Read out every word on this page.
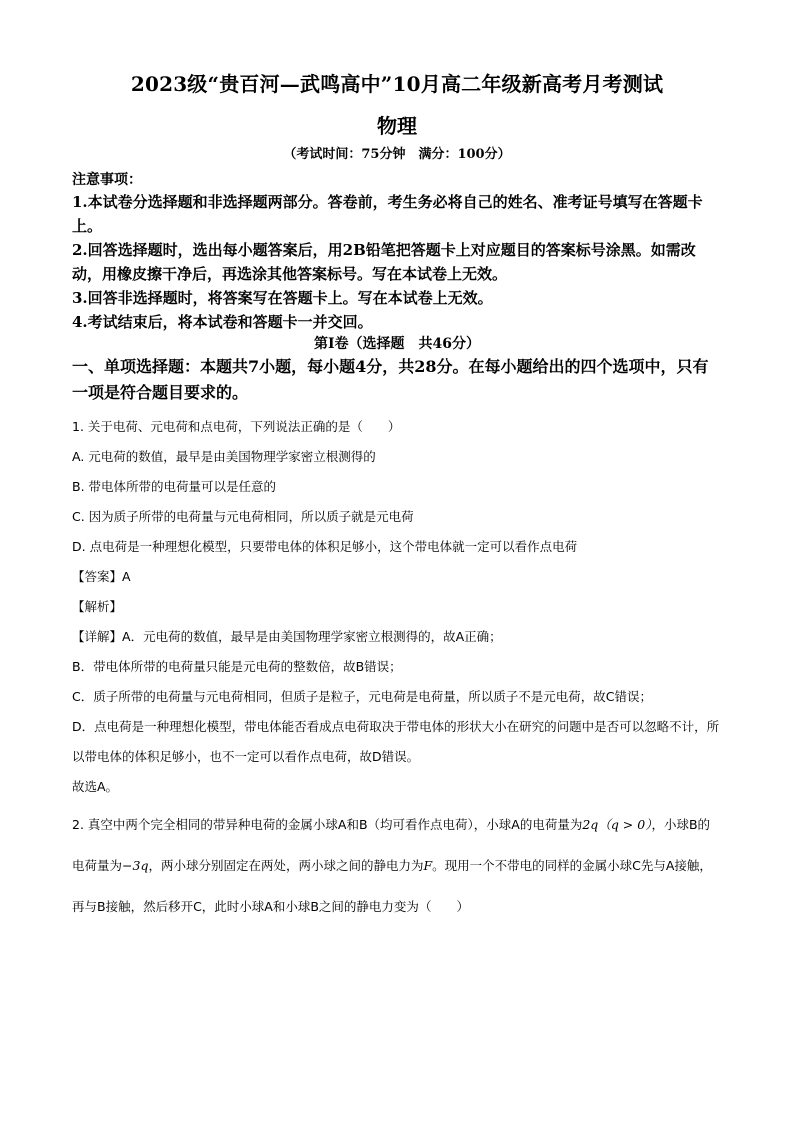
2023级“贵百河—武鸣高中”10月高二年级新高考月考测试
物理
（考试时间：75分钟　满分：100分）
注意事项：
1.本试卷分选择题和非选择题两部分。答卷前，考生务必将自己的姓名、准考证号填写在答题卡上。
2.回答选择题时，选出每小题答案后，用2B铅笔把答题卡上对应题目的答案标号涂黑。如需改动，用橡皮擦干净后，再选涂其他答案标号。写在本试卷上无效。
3.回答非选择题时，将答案写在答题卡上。写在本试卷上无效。
4.考试结束后，将本试卷和答题卡一并交回。
第Ⅰ卷（选择题　共46分）
一、单项选择题：本题共7小题，每小题4分，共28分。在每小题给出的四个选项中，只有一项是符合题目要求的。
1. 关于电荷、元电荷和点电荷，下列说法正确的是（　　）
A. 元电荷的数值，最早是由美国物理学家密立根测得的
B. 带电体所带的电荷量可以是任意的
C. 因为质子所带的电荷量与元电荷相同，所以质子就是元电荷
D. 点电荷是一种理想化模型，只要带电体的体积足够小，这个带电体就一定可以看作点电荷
【答案】A
【解析】
【详解】A．元电荷的数值，最早是由美国物理学家密立根测得的，故A正确；
B．带电体所带的电荷量只能是元电荷的整数倍，故B错误；
C．质子所带的电荷量与元电荷相同，但质子是粒子，元电荷是电荷量，所以质子不是元电荷，故C错误；
D．点电荷是一种理想化模型，带电体能否看成点电荷取决于带电体的形状大小在研究的问题中是否可以忽略不计，所以带电体的体积足够小，也不一定可以看作点电荷，故D错误。
故选A。
2. 真空中两个完全相同的带异种电荷的金属小球A和B（均可看作点电荷），小球A的电荷量为2q（q > 0），小球B的电荷量为−3q，两小球分别固定在两处，两小球之间的静电力为F。现用一个不带电的同样的金属小球C先与A接触，再与B接触，然后移开C，此时小球A和小球B之间的静电力变为（　　）
